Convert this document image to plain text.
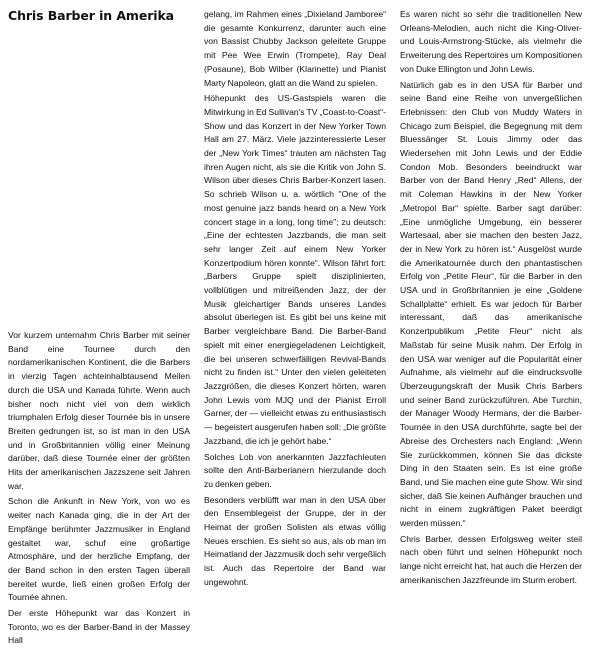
Chris Barber in Amerika

Vor kurzem unternahm Chris Barber mit seiner Band eine Tournee durch den nordamerikanischen Kontinent, die die Barbers in vierzig Tagen achteinhalbtausend Meilen durch die USA und Kanada führte. Wenn auch bisher noch nicht viel von dem wirklich triumphalen Erfolg dieser Tournée bis in unsere Breiten gedrungen ist, so ist man in den USA und in Großbritannien völlig einer Meinung darüber, daß diese Tournée einer der größten Hits der amerikanischen Jazzszene seit Jahren war.

Schon die Ankunft in New York, von wo es weiter nach Kanada ging, die in der Art der Empfänge berühmter Jazzmusiker in England gestaltet war, schuf eine großartige Atmosphäre, und der herzliche Empfang, der der Band schon in den ersten Tagen überall bereitet wurde, ließ einen großen Erfolg der Tournée ahnen.

Der erste Höhepunkt war das Konzert in Toronto, wo es der Barber-Band in der Massey Hall

gelang, im Rahmen eines „Dixieland Jamboree“ die gesamte Konkurrenz, darunter auch eine von Bassist Chubby Jackson geleitete Gruppe mit Pee Wee Erwin (Trompete), Ray Deal (Posaune), Bob Wilber (Klarinette) und Pianist Marty Napoleon, glatt an die Wand zu spielen.

Höhepunkt des US-Gastspiels waren die Mitwirkung in Ed Sullivan's TV „Coast-to-Coast“-Show und das Konzert in der New Yorker Town Hall am 27. März. Viele jazzinteressierte Leser der „New York Times“ trauten am nächsten Tag ihren Augen nicht, als sie die Kritik von John S. Wilson über dieses Chris Barber-Konzert lasen. So schrieb Wilson u. a. wörtlich "One of the most genuine jazz bands heard on a New York concert stage in a long, long time"; zu deutsch: „Eine der echtesten Jazzbands, die man seit sehr langer Zeit auf einem New Yorker Konzertpodium hören konnte“. Wilson fährt fort: „Barbers Gruppe spielt disziplinierten, vollblütigen und mitreißenden Jazz, der der Musik gleichartiger Bands unseres Landes absolut überlegen ist. Es gibt bei uns keine mit Barber vergleichbare Band. Die Barber-Band spielt mit einer energiegeladenen Leichtigkeit, die bei unseren schwerfälligen Revival-Bands nicht zu finden ist.“ Unter den vielen geleiteten Jazzgrößen, die dieses Konzert hörten, waren John Lewis vom MJQ und der Pianist Erroll Garner, der — vielleicht etwas zu enthusiastisch — begeistert ausgerufen haben soll: „Die größte Jazzband, die ich je gehört habe.“

Solches Lob von anerkannten Jazzfachleuten sollte den Anti-Barberianern hierzulande doch zu denken geben.

Besonders verblüfft war man in den USA über den Ensemblegeist der Gruppe, der in der Heimat der großen Solisten als etwas völlig Neues erschien. Es sieht so aus, als ob man im Heimatland der Jazzmusik doch sehr vergeßlich ist. Auch das Repertoire der Band war ungewohnt.

Es waren nicht so sehr die traditionellen New Orleans-Melodien, auch nicht die King-Oliver- und Louis-Armstrong-Stücke, als vielmehr die Erweiterung des Repertoires um Kompositionen von Duke Ellington und John Lewis.

Natürlich gab es in den USA für Barber und seine Band eine Reihe von unvergeßlichen Erlebnissen: den Club von Muddy Waters in Chicago zum Beispiel, die Begegnung mit dem Bluessänger St. Louis Jimmy oder das Wiedersehen mit John Lewis und der Eddie Condon Mob. Besonders beeindruckt war Barber von der Band Henry „Red“ Allens, der mit Coleman Hawkins in der New Yorker „Metropol Bar“ spielte. Barber sagt darüber: „Eine unmögliche Umgebung, ein besserer Wartesaal, aber sie machen den besten Jazz, der in New York zu hören ist.“ Ausgelöst wurde die Amerikatournée durch den phantastischen Erfolg von „Petite Fleur“, für die Barber in den USA und in Großbritannien je eine „Goldene Schallplatte“ erhielt. Es war jedoch für Barber interessant, daß das amerikanische Konzertpublikum „Petite Fleur“ nicht als Maßstab für seine Musik nahm. Der Erfolg in den USA war weniger auf die Popularität einer Aufnahme, als vielmehr auf die eindrucksvolle Überzeugungskraft der Musik Chris Barbers und seiner Band zurückzuführen. Abe Turchin, der Manager Woody Hermans, der die Barber-Tournée in den USA durchführte, sagte bei der Abreise des Orchesters nach England: „Wenn Sie zurückkommen, können Sie das dickste Ding in den Staaten sein. Es ist eine große Band, und Sie machen eine gute Show. Wir sind sicher, daß Sie keinen Aufhänger brauchen und nicht in einem zugkräftigen Paket beerdigt werden müssen.“

Chris Barber, dessen Erfolgsweg weiter steil nach oben führt und seinen Höhepunkt noch lange nicht erreicht hat, hat auch die Herzen der amerikanischen Jazzfreunde im Sturm erobert.
